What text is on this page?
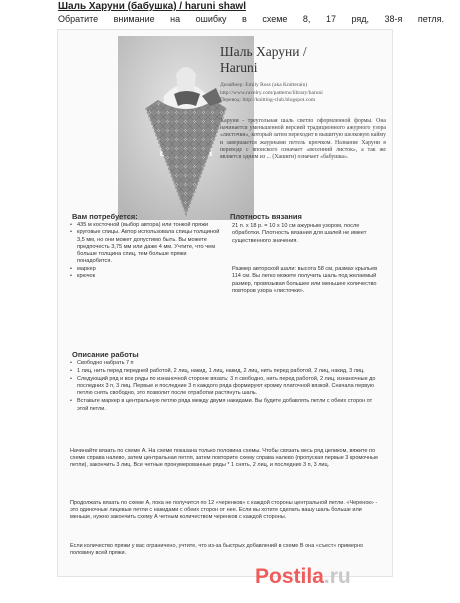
Шаль Харуни (бабушка) / haruni shawl
Обратите внимание на ошибку в схеме 8, 17 ряд, 38-я петля.
Шаль Харуни /
Haruni
Дизайнер: Emily Ross (aka Knitterain)
http://www.ravelry.com/patterns/library/haruni
Перевод: http://knitting-club.blogspot.com
Харуни - треугольная шаль светло оформленной формы. Она начинается уменьшенной версией традиционного ажурного узора «листочки», который затем переходит в вышитую шелковую кайму и завершается жаурными петель крючком. Название Харуни в переводе с японского означает «весенний листок», а так же является одним из ... (Хашиги) означает «бабушка».
Вам потребуется:
• 435 м косточной (выбор автора) или тонкой пряжи
• круговые спицы. Автор использовала спицы толщиной 3,5 мм, но они может допустимо быть. Вы можете предпочесть 3,75 мм или даже 4 мм. Учтите, что чем больше толщина спиц, тем больше пряжи понадобится.
• маркер
• крючок
Плотность вязания

21 п. x 18 р. = 10 x 10 см ажурным узором, после обработки. Плотность вязания для шалей не имеет существенного значения.

Размер авторской шали: высота 58 см, размах крыльев 114 см. Вы легко можете получить шаль под желаемый размер, провязывая большее или меньшее количество повторов узора «листочки».

Описание работы
• Свободно набрать 7 п
• 1 лиц, нить перед передней работой, 2 лиц, накид, 1 лиц, накид, 2 лиц, нить перед работой, 2 лиц, накид, 3 лиц.
• Следующий ряд и все ряды по изнаночной стороне вязать: 3 п свободно, нить перед работой, 2 лиц, изнаночные до последних 3 п, 3 лиц. Первые и последние 3 п каждого ряда формируют кромку платочной вязкой. Сначала первую петлю снять свободно, это позволит после отработки растянуть шаль.
• Вставьте маркер в центральную петлю ряда между двумя накидами. Вы будете добавлять петли с обеих сторон от этой петли.

Начинайте вязать по схеме А. На схеме показана только половина схемы. Чтобы связать весь ряд целиком, вяжите по схеме справа налево, затем центральная петля, затем повторите схему справа налево (пропуская первые 3 кромочные петли), закончить 3 лиц. Все четные пронумерованные ряды * 1 снять, 2 лиц, и последних 3 п, 3 лиц.

Продолжать вязать по схеме А, пока не получится по 12 «черенков» с каждой стороны центральной петли. «Черенок» - это одиночные лицевые петли с накидами с обеих сторон от нее. Если вы хотите сделать вашу шаль больше или меньше, нужно закончить схему А четным количеством черенков с каждой стороны.

Если количество пряжи у вас ограничено, учтите, что из-за быстрых добавлений в схеме В она «съест» примерно половину всей пряжи.

Postila.ru
